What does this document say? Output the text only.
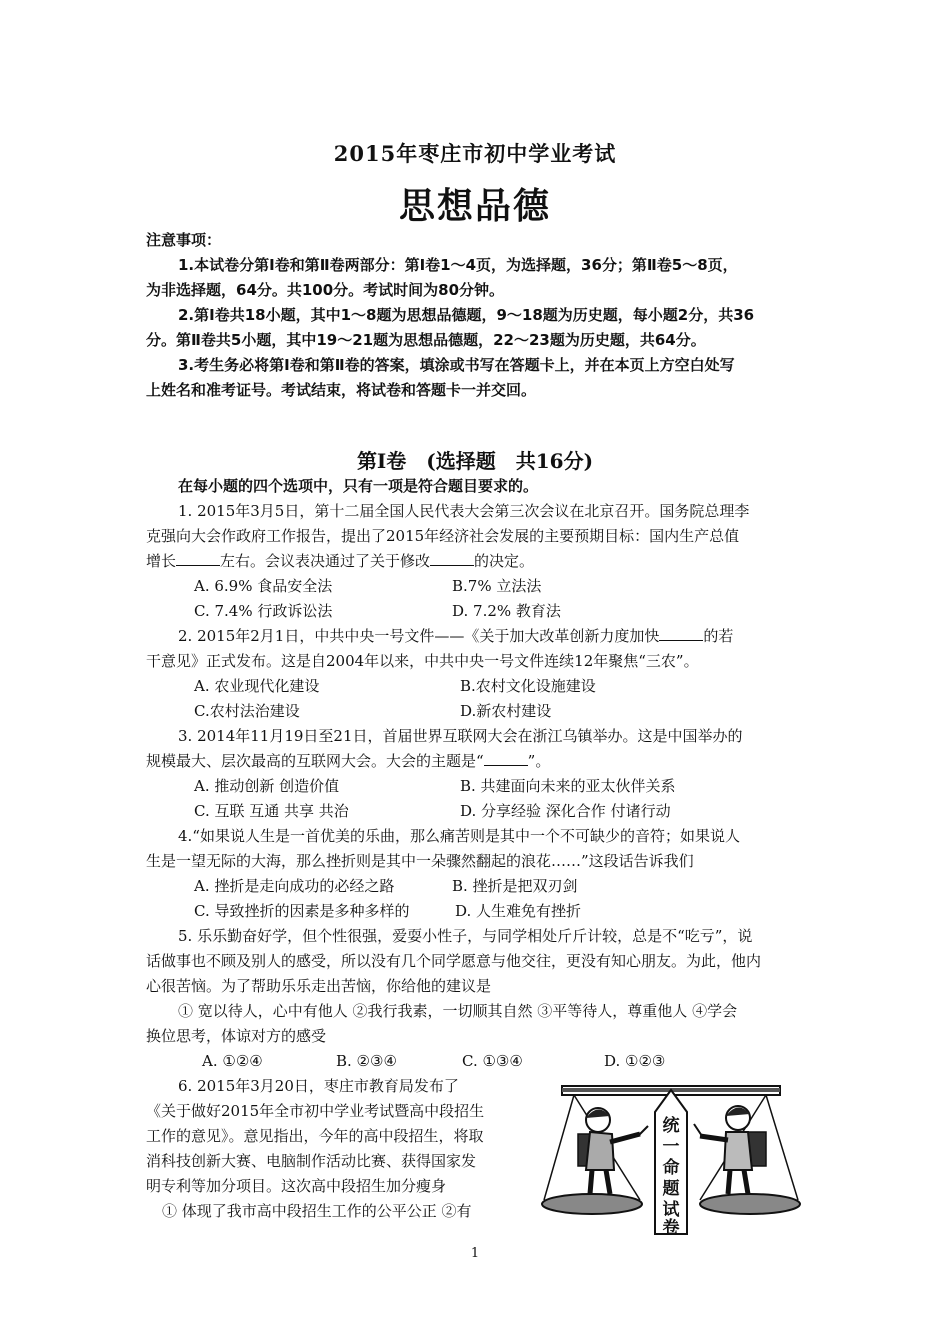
2015年枣庄市初中学业考试
思想品德
注意事项：
1.本试卷分第Ⅰ卷和第Ⅱ卷两部分：第Ⅰ卷1～4页，为选择题，36分；第Ⅱ卷5～8页，
为非选择题，64分。共100分。考试时间为80分钟。
2.第Ⅰ卷共18小题，其中1～8题为思想品德题，9～18题为历史题，每小题2分，共36
分。第Ⅱ卷共5小题，其中19～21题为思想品德题，22～23题为历史题，共64分。
3.考生务必将第Ⅰ卷和第Ⅱ卷的答案，填涂或书写在答题卡上，并在本页上方空白处写
上姓名和准考证号。考试结束，将试卷和答题卡一并交回。
第Ⅰ卷　(选择题　共16分)
在每小题的四个选项中，只有一项是符合题目要求的。
1. 2015年3月5日，第十二届全国人民代表大会第三次会议在北京召开。国务院总理李
克强向大会作政府工作报告，提出了2015年经济社会发展的主要预期目标：国内生产总值
增长	左右。会议表决通过了关于修改	的决定。
A. 6.9% 食品安全法	B.7% 立法法
C. 7.4% 行政诉讼法	D. 7.2% 教育法
2. 2015年2月1日，中共中央一号文件——《关于加大改革创新力度加快	的若
干意见》正式发布。这是自2004年以来，中共中央一号文件连续12年聚焦“三农”。
A. 农业现代化建设	B.农村文化设施建设
C.农村法治建设	D.新农村建设
3. 2014年11月19日至21日，首届世界互联网大会在浙江乌镇举办。这是中国举办的
规模最大、层次最高的互联网大会。大会的主题是“	”。
A. 推动创新 创造价值	B. 共建面向未来的亚太伙伴关系
C. 互联 互通 共享 共治	D. 分享经验 深化合作 付诸行动
4.“如果说人生是一首优美的乐曲，那么痛苦则是其中一个不可缺少的音符；如果说人
生是一望无际的大海，那么挫折则是其中一朵骤然翻起的浪花……”这段话告诉我们
A. 挫折是走向成功的必经之路	B. 挫折是把双刃剑
C. 导致挫折的因素是多种多样的	D. 人生难免有挫折
5. 乐乐勤奋好学，但个性很强，爱耍小性子，与同学相处斤斤计较，总是不“吃亏”，说
话做事也不顾及别人的感受，所以没有几个同学愿意与他交往，更没有知心朋友。为此，他内
心很苦恼。为了帮助乐乐走出苦恼，你给他的建议是
① 宽以待人，心中有他人 ②我行我素，一切顺其自然 ③平等待人，尊重他人 ④学会
换位思考，体谅对方的感受
A. ①②④	B. ②③④	C. ①③④	D. ①②③
6. 2015年3月20日，枣庄市教育局发布了
《关于做好2015年全市初中学业考试暨高中段招生
工作的意见》。意见指出，今年的高中段招生，将取
消科技创新大赛、电脑制作活动比赛、获得国家发
明专利等加分项目。这次高中段招生加分瘦身
① 体现了我市高中段招生工作的公平公正 ②有
统
一
命
题
试
卷
1
